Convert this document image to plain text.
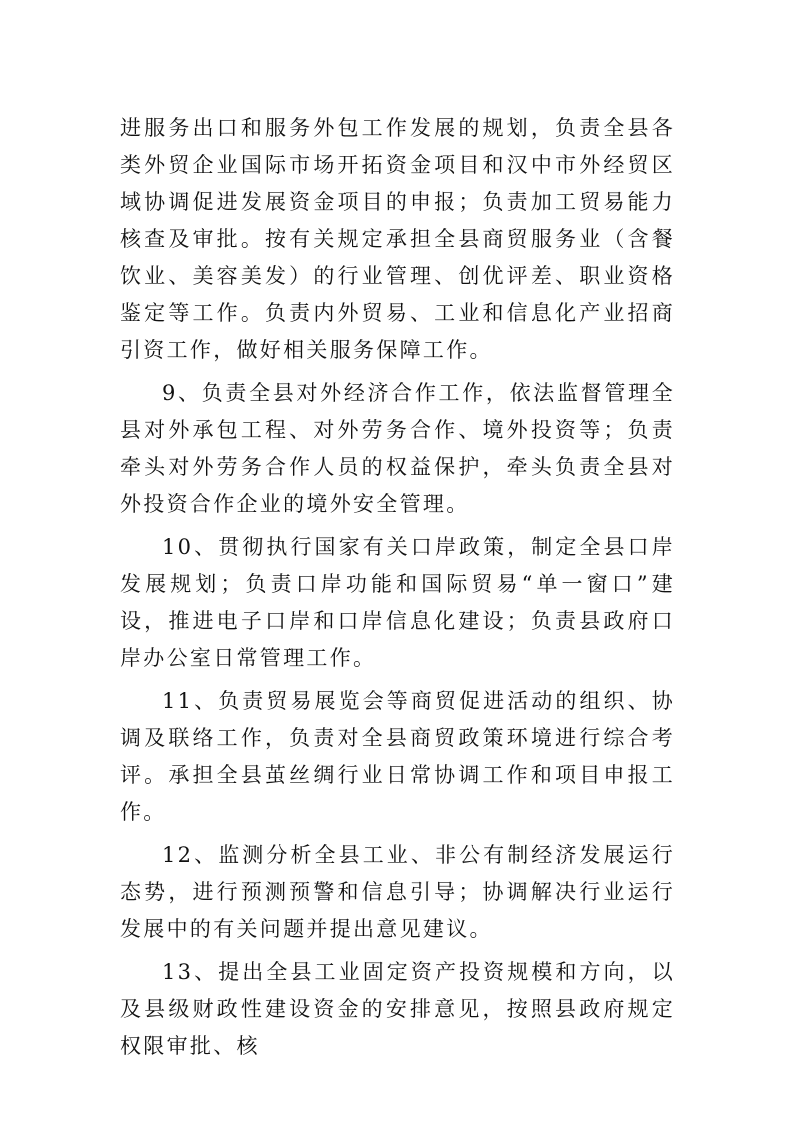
进服务出口和服务外包工作发展的规划，负责全县各类外贸企业国际市场开拓资金项目和汉中市外经贸区域协调促进发展资金项目的申报；负责加工贸易能力核查及审批。按有关规定承担全县商贸服务业（含餐饮业、美容美发）的行业管理、创优评差、职业资格鉴定等工作。负责内外贸易、工业和信息化产业招商引资工作，做好相关服务保障工作。

9、负责全县对外经济合作工作，依法监督管理全县对外承包工程、对外劳务合作、境外投资等；负责牵头对外劳务合作人员的权益保护，牵头负责全县对外投资合作企业的境外安全管理。

10、贯彻执行国家有关口岸政策，制定全县口岸发展规划；负责口岸功能和国际贸易“单一窗口”建设，推进电子口岸和口岸信息化建设；负责县政府口岸办公室日常管理工作。

11、负责贸易展览会等商贸促进活动的组织、协调及联络工作，负责对全县商贸政策环境进行综合考评。承担全县茧丝绸行业日常协调工作和项目申报工作。

12、监测分析全县工业、非公有制经济发展运行态势，进行预测预警和信息引导；协调解决行业运行发展中的有关问题并提出意见建议。

13、提出全县工业固定资产投资规模和方向，以及县级财政性建设资金的安排意见，按照县政府规定权限审批、核
